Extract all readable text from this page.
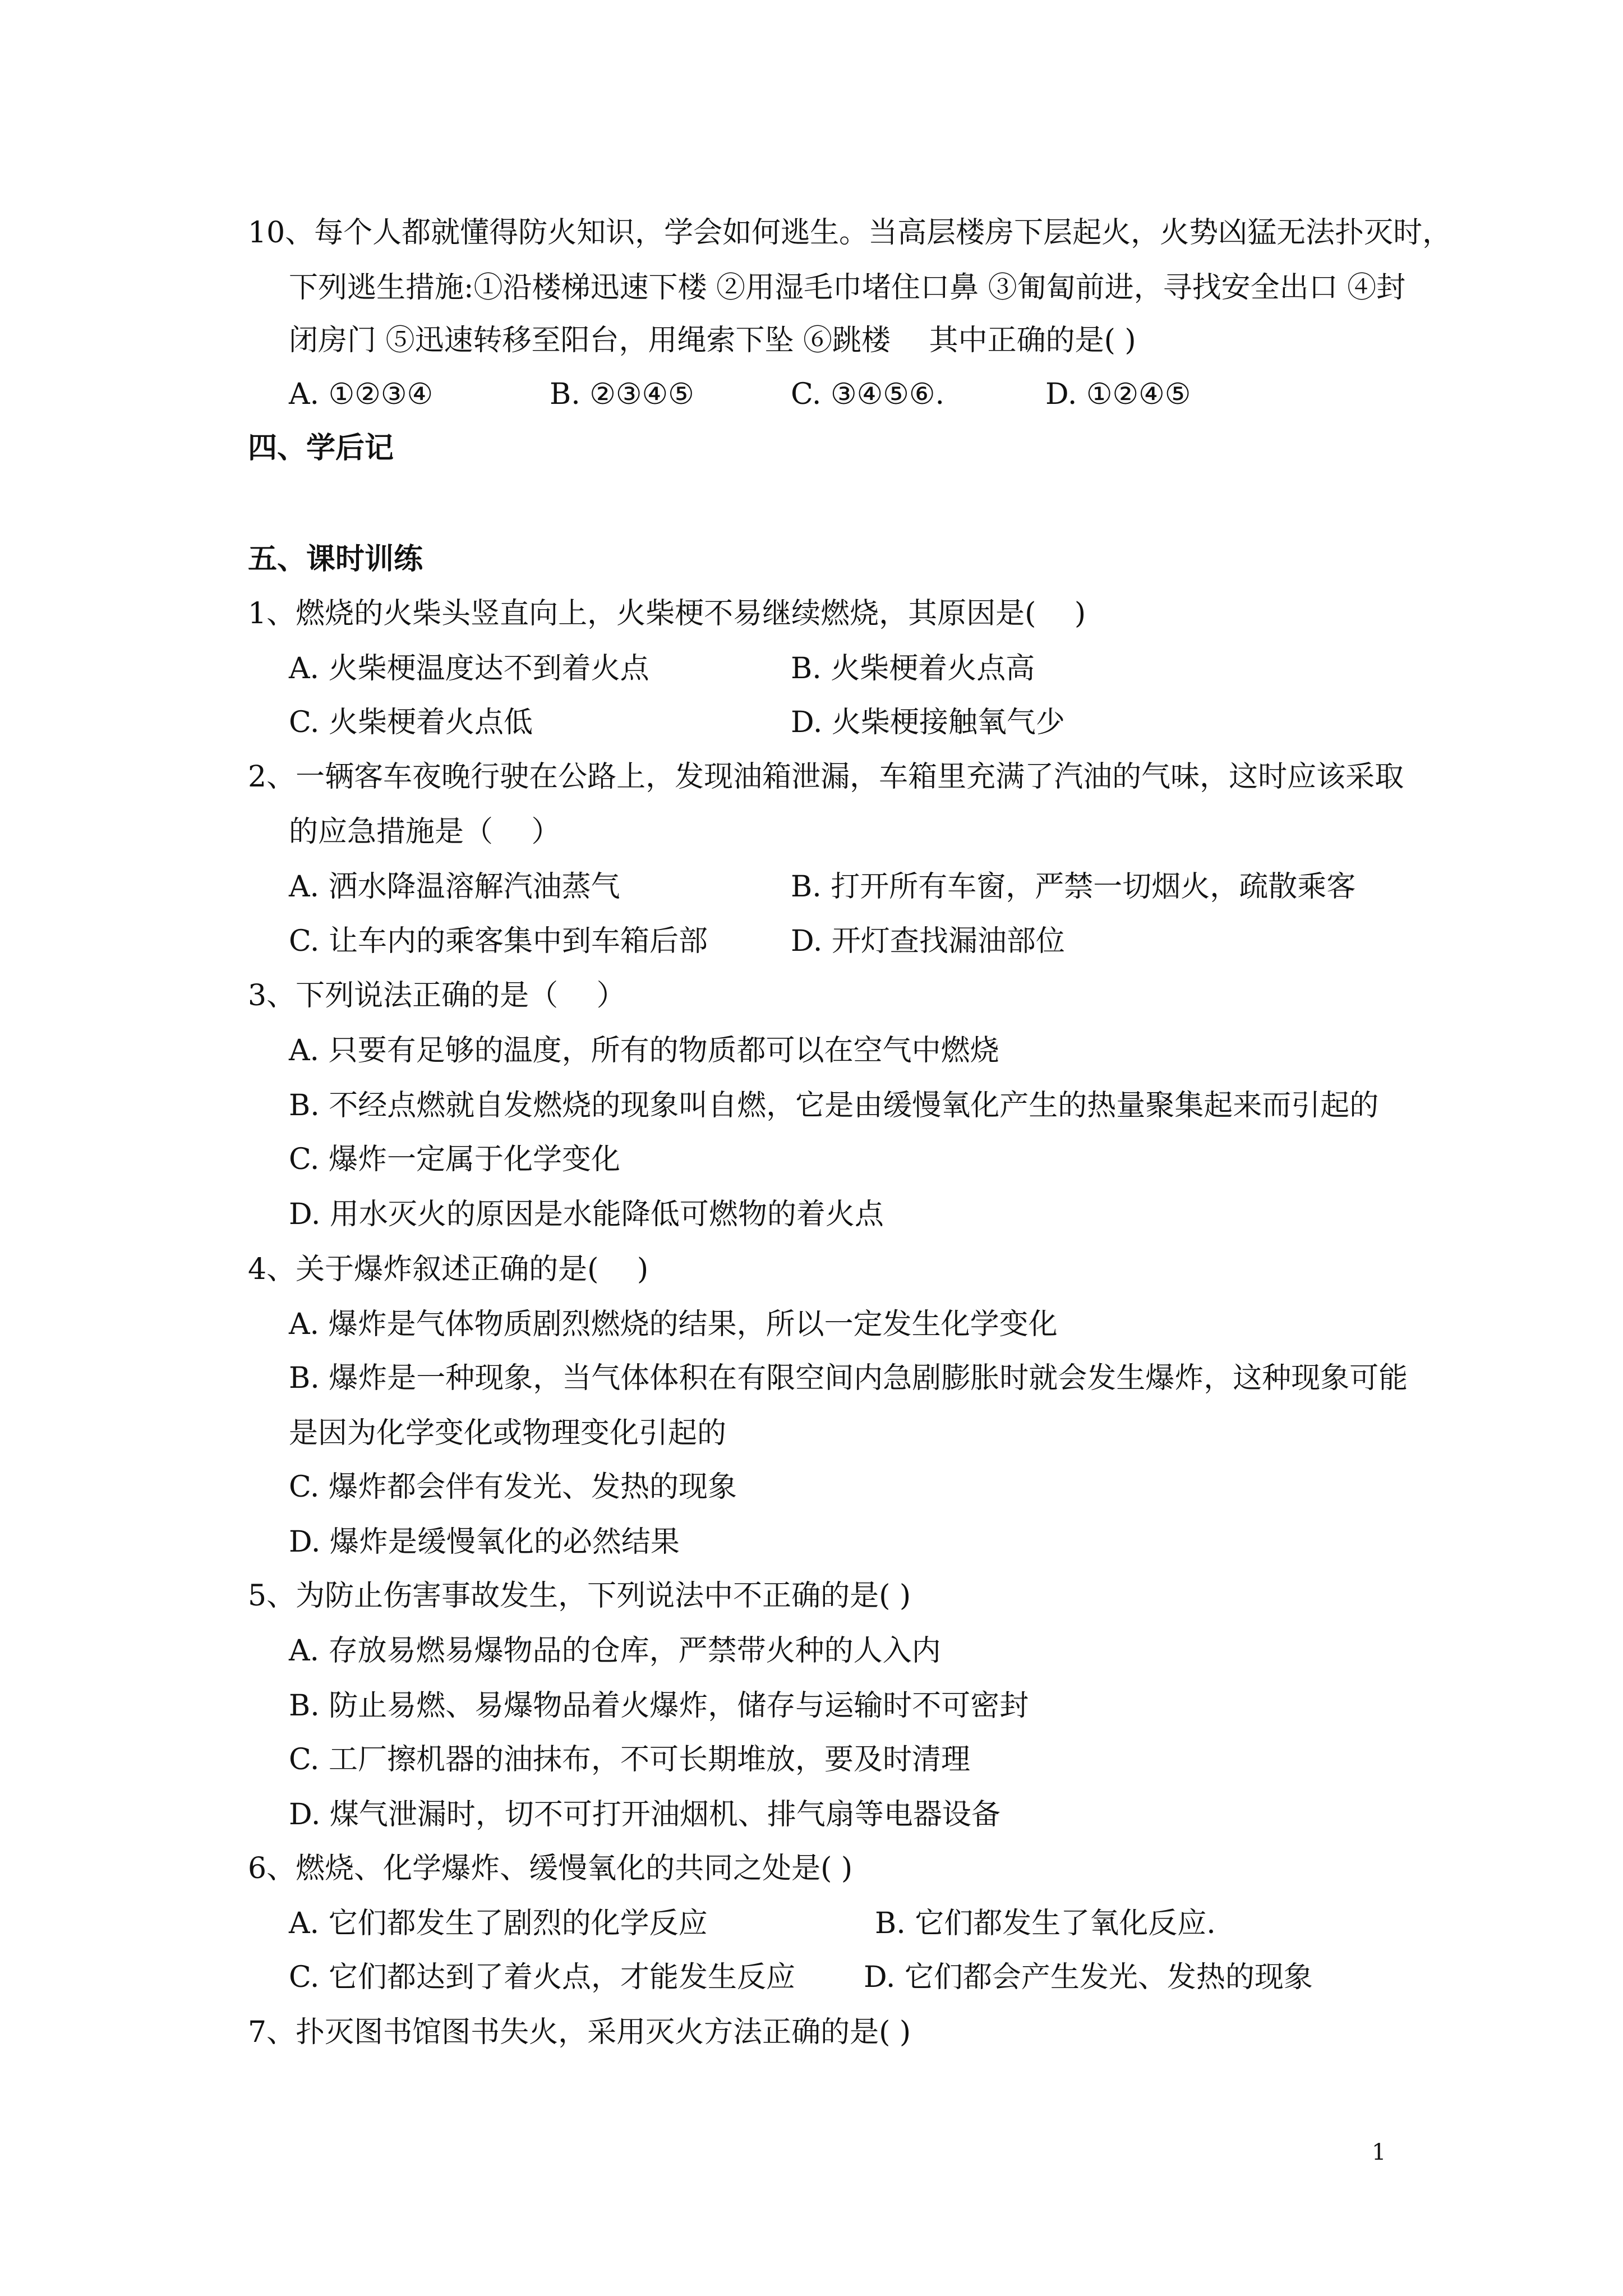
10、每个人都就懂得防火知识，学会如何逃生。当高层楼房下层起火，火势凶猛无法扑灭时，
下列逃生措施:①沿楼梯迅速下楼 ②用湿毛巾堵住口鼻 ③匍匐前进，寻找安全出口 ④封
闭房门 ⑤迅速转移至阳台，用绳索下坠 ⑥跳楼　 其中正确的是( )
A. ①②③④	B. ②③④⑤	C. ③④⑤⑥.	D. ①②④⑤
四、学后记
五、课时训练
1、燃烧的火柴头竖直向上，火柴梗不易继续燃烧，其原因是(　 )
A. 火柴梗温度达不到着火点	B. 火柴梗着火点高
C. 火柴梗着火点低	D. 火柴梗接触氧气少
2、一辆客车夜晚行驶在公路上，发现油箱泄漏，车箱里充满了汽油的气味，这时应该采取
的应急措施是（　 ）
A. 洒水降温溶解汽油蒸气	B. 打开所有车窗，严禁一切烟火，疏散乘客
C. 让车内的乘客集中到车箱后部	D. 开灯查找漏油部位
3、下列说法正确的是（　 ）
A. 只要有足够的温度，所有的物质都可以在空气中燃烧
B. 不经点燃就自发燃烧的现象叫自燃，它是由缓慢氧化产生的热量聚集起来而引起的
C. 爆炸一定属于化学变化
D. 用水灭火的原因是水能降低可燃物的着火点
4、关于爆炸叙述正确的是(　 )
A. 爆炸是气体物质剧烈燃烧的结果，所以一定发生化学变化
B. 爆炸是一种现象，当气体体积在有限空间内急剧膨胀时就会发生爆炸，这种现象可能
是因为化学变化或物理变化引起的
C. 爆炸都会伴有发光、发热的现象
D. 爆炸是缓慢氧化的必然结果
5、为防止伤害事故发生，下列说法中不正确的是( )
A. 存放易燃易爆物品的仓库，严禁带火种的人入内
B. 防止易燃、易爆物品着火爆炸，储存与运输时不可密封
C. 工厂擦机器的油抹布，不可长期堆放，要及时清理
D. 煤气泄漏时，切不可打开油烟机、排气扇等电器设备
6、燃烧、化学爆炸、缓慢氧化的共同之处是( )
A. 它们都发生了剧烈的化学反应	B. 它们都发生了氧化反应.
C. 它们都达到了着火点，才能发生反应 D. 它们都会产生发光、发热的现象
7、扑灭图书馆图书失火，采用灭火方法正确的是( )
1
